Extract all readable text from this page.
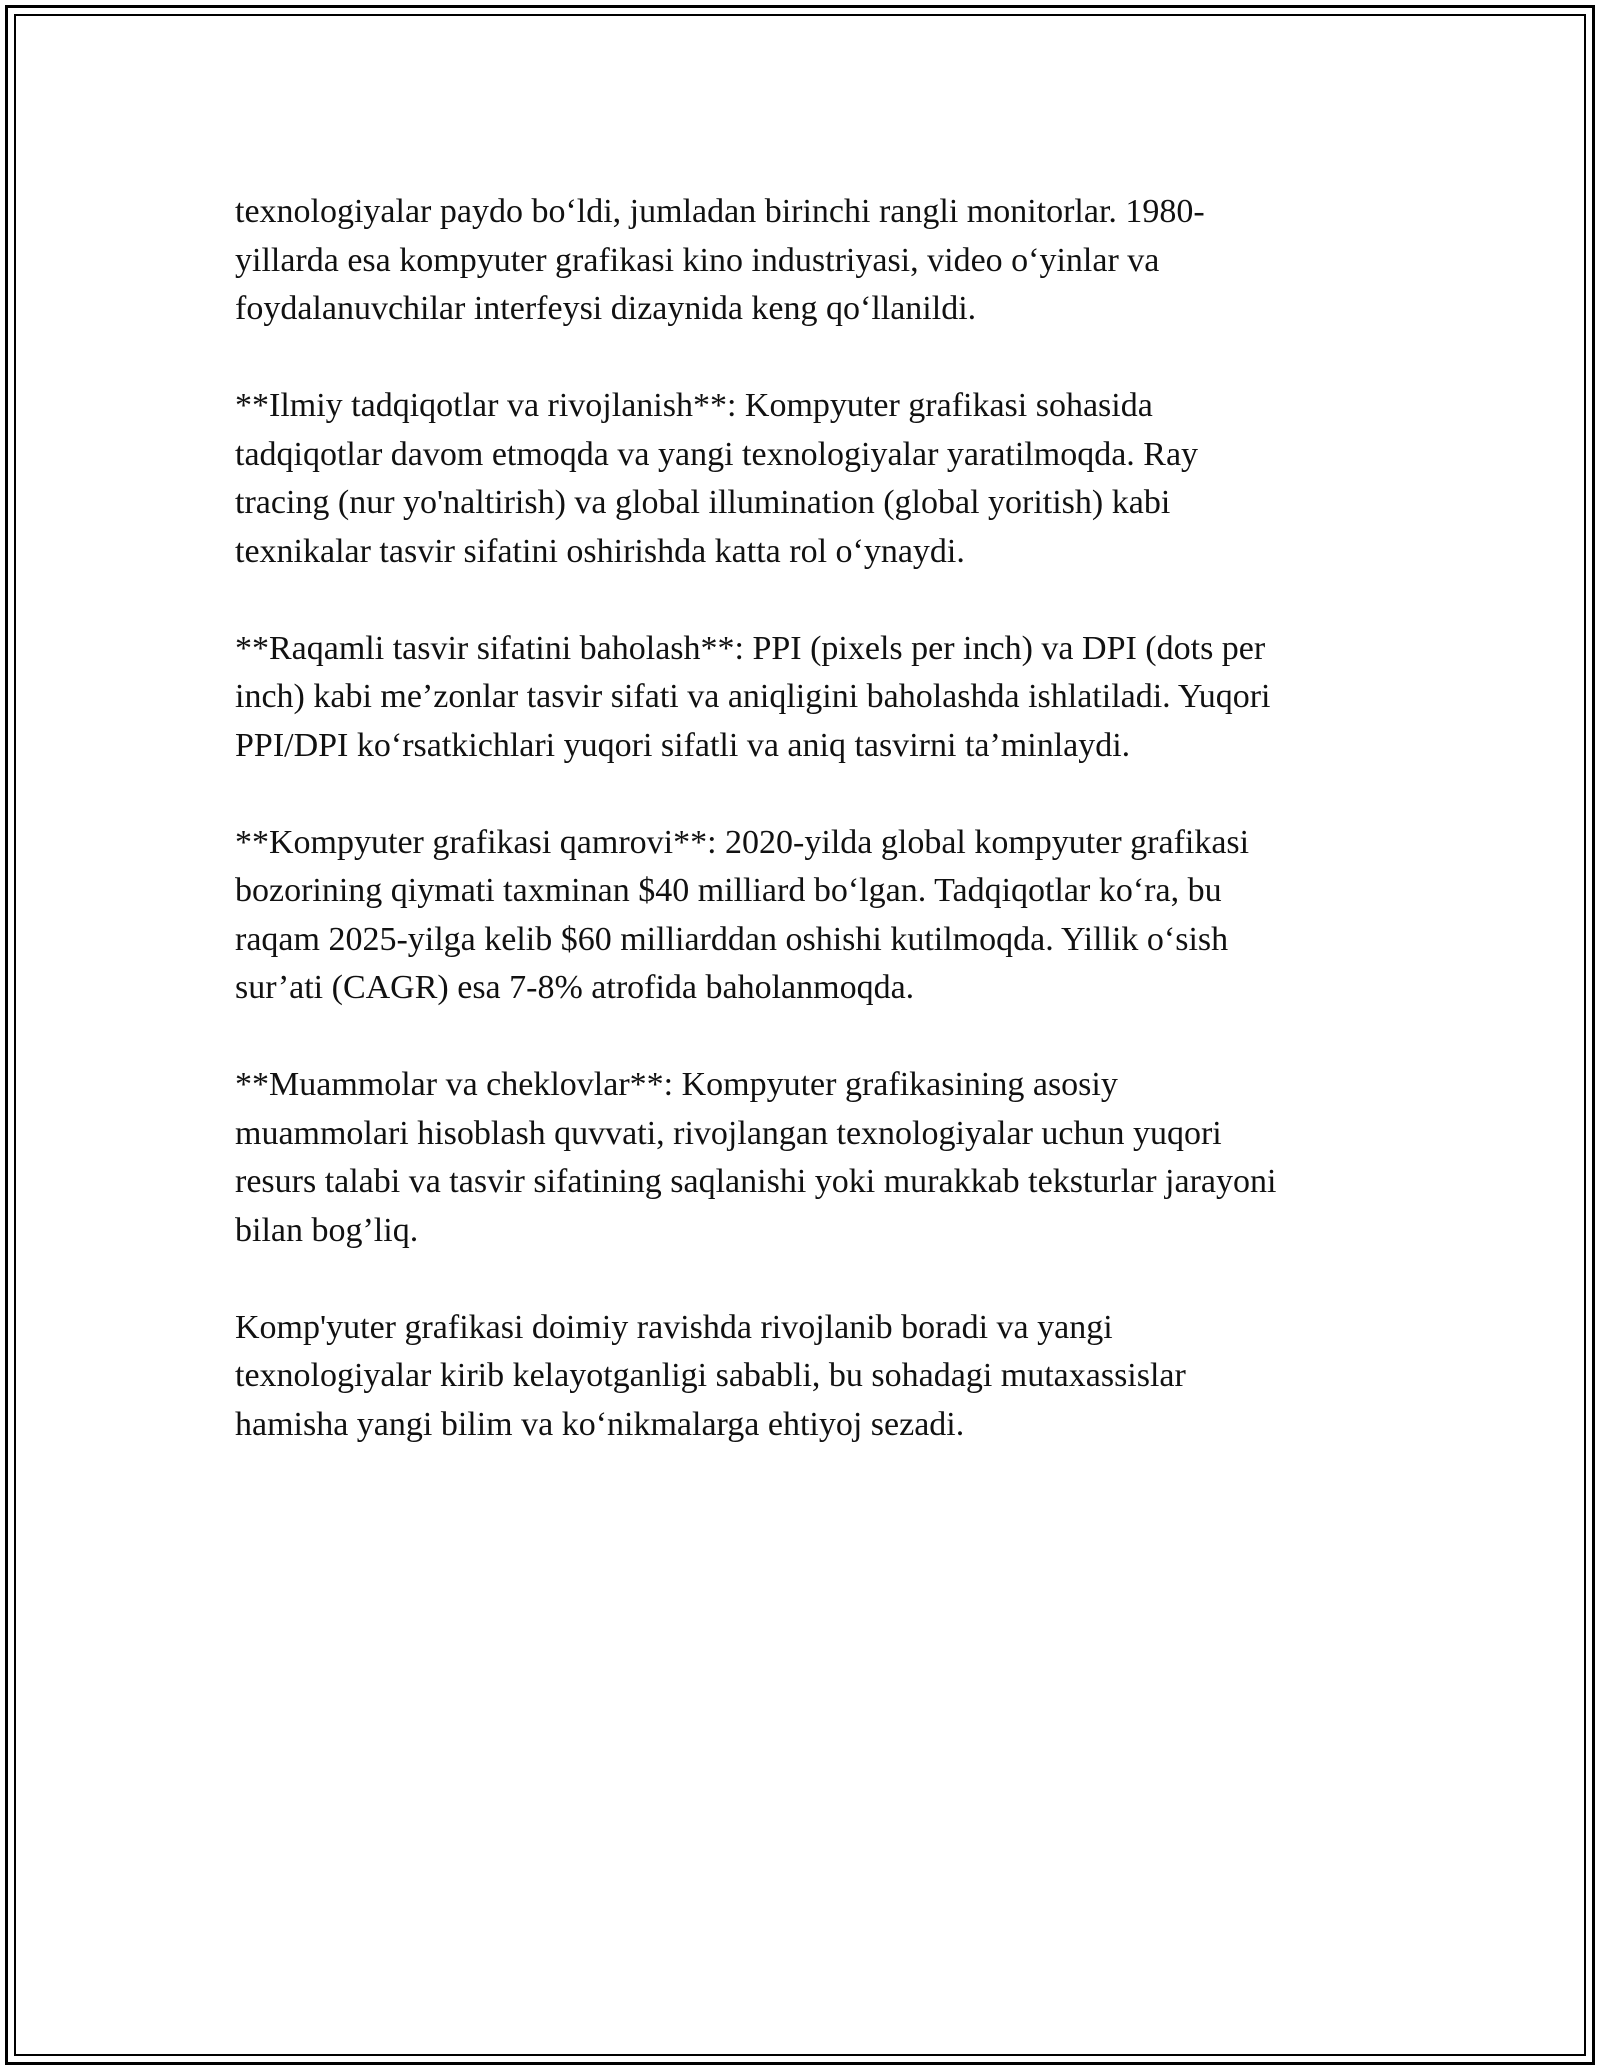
texnologiyalar paydo bo‘ldi, jumladan birinchi rangli monitorlar. 1980-
yillarda esa kompyuter grafikasi kino industriyasi, video o‘yinlar va
foydalanuvchilar interfeysi dizaynida keng qo‘llanildi.

**Ilmiy tadqiqotlar va rivojlanish**: Kompyuter grafikasi sohasida
tadqiqotlar davom etmoqda va yangi texnologiyalar yaratilmoqda. Ray
tracing (nur yo'naltirish) va global illumination (global yoritish) kabi
texnikalar tasvir sifatini oshirishda katta rol o‘ynaydi.

**Raqamli tasvir sifatini baholash**: PPI (pixels per inch) va DPI (dots per
inch) kabi me’zonlar tasvir sifati va aniqligini baholashda ishlatiladi. Yuqori
PPI/DPI ko‘rsatkichlari yuqori sifatli va aniq tasvirni ta’minlaydi.

**Kompyuter grafikasi qamrovi**: 2020-yilda global kompyuter grafikasi
bozorining qiymati taxminan $40 milliard bo‘lgan. Tadqiqotlar ko‘ra, bu
raqam 2025-yilga kelib $60 milliarddan oshishi kutilmoqda. Yillik o‘sish
sur’ati (CAGR) esa 7-8% atrofida baholanmoqda.

**Muammolar va cheklovlar**: Kompyuter grafikasining asosiy
muammolari hisoblash quvvati, rivojlangan texnologiyalar uchun yuqori
resurs talabi va tasvir sifatining saqlanishi yoki murakkab teksturlar jarayoni
bilan bog’liq.

Komp'yuter grafikasi doimiy ravishda rivojlanib boradi va yangi
texnologiyalar kirib kelayotganligi sababli, bu sohadagi mutaxassislar
hamisha yangi bilim va ko‘nikmalarga ehtiyoj sezadi.
